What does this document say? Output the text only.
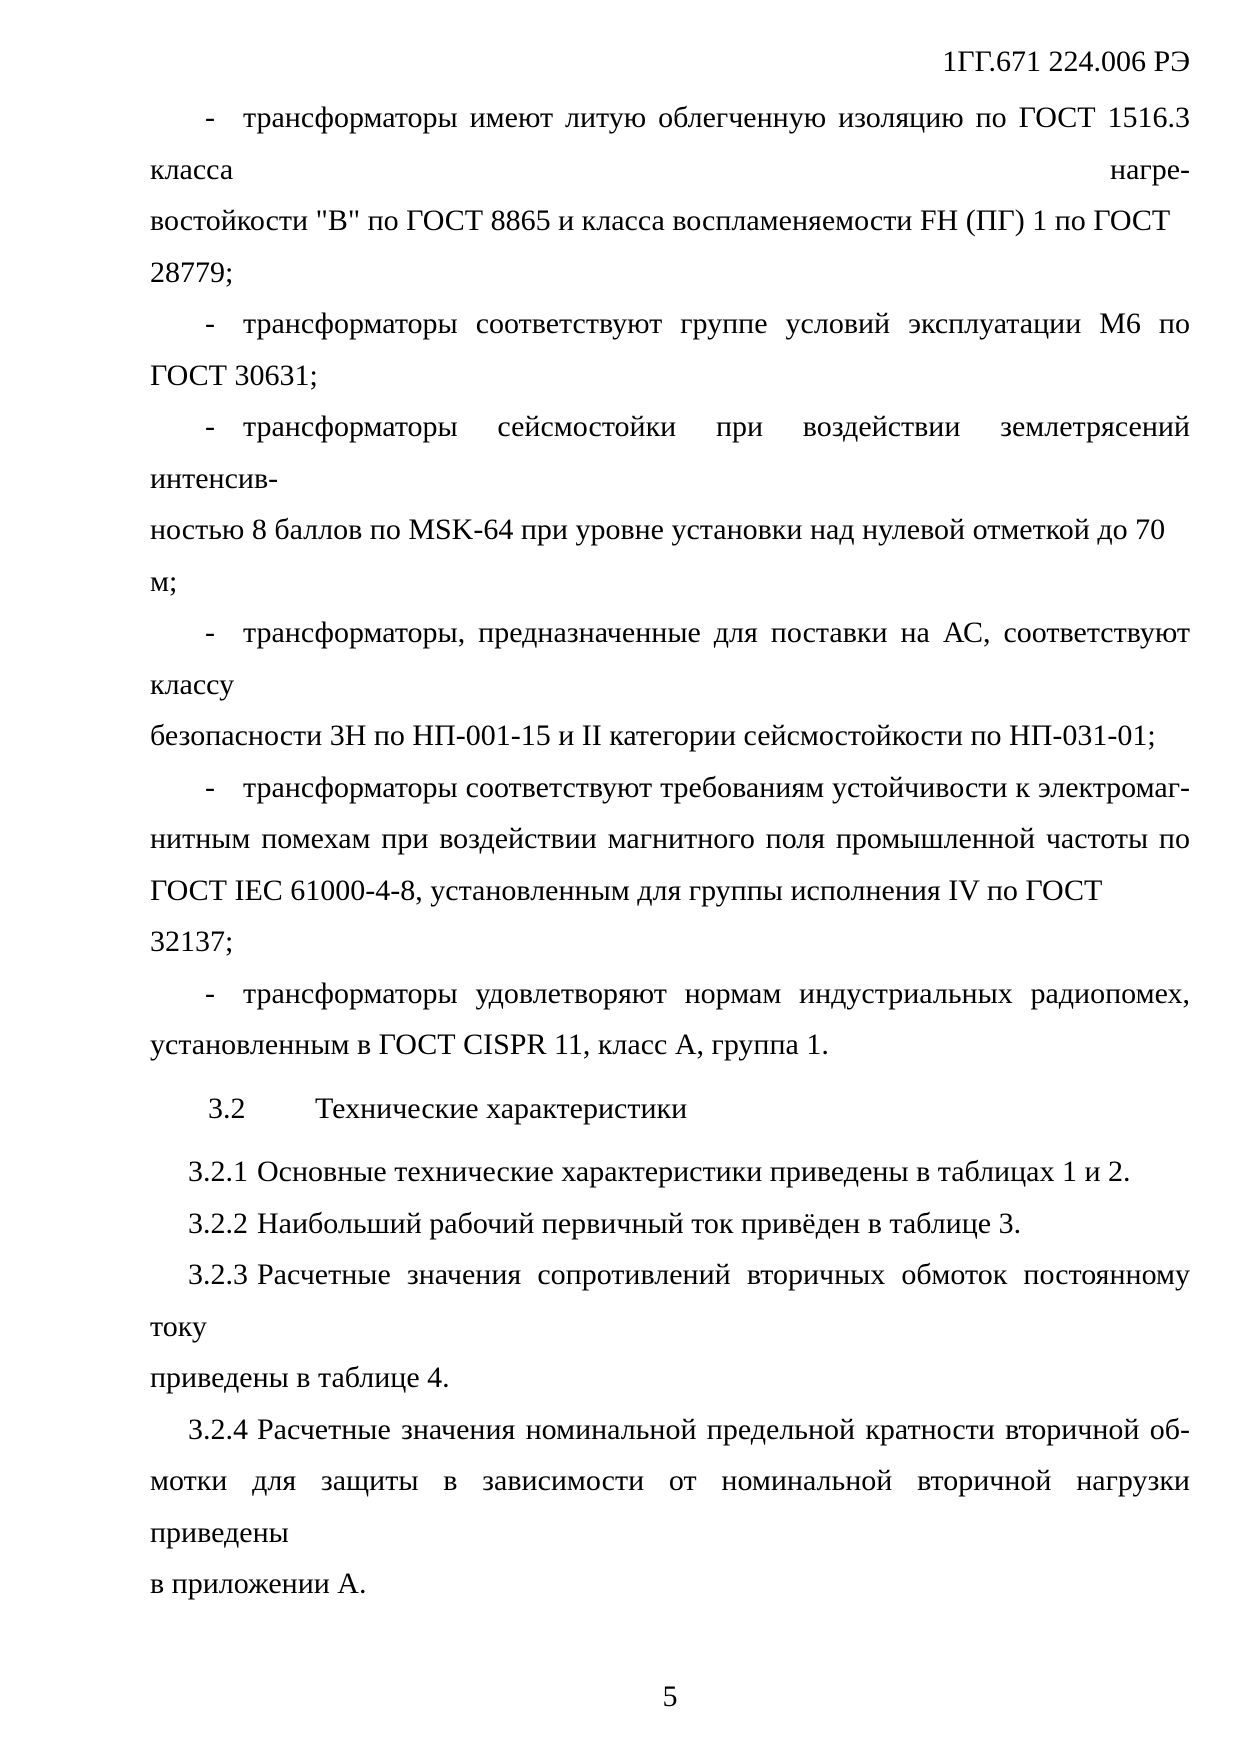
1ГГ.671 224.006 РЭ
- трансформаторы имеют литую облегченную изоляцию по ГОСТ 1516.3 класса нагре-
востойкости "В" по ГОСТ 8865 и класса воспламеняемости FH (ПГ) 1 по ГОСТ 28779;
- трансформаторы соответствуют группе условий эксплуатации М6 по
ГОСТ 30631;
- трансформаторы сейсмостойки при воздействии землетрясений интенсив-
ностью 8 баллов по MSK-64 при уровне установки над нулевой отметкой до 70 м;
- трансформаторы, предназначенные для поставки на АС, соответствуют классу
безопасности 3Н по НП-001-15 и II категории сейсмостойкости по НП-031-01;
- трансформаторы соответствуют требованиям устойчивости к электромаг-
нитным помехам при воздействии магнитного поля промышленной частоты по
ГОСТ IEC 61000-4-8, установленным для группы исполнения IV по ГОСТ 32137;
- трансформаторы удовлетворяют нормам индустриальных радиопомех,
установленным в ГОСТ CISPR 11, класс А, группа 1.
3.2 Технические характеристики
3.2.1 Основные технические характеристики приведены в таблицах 1 и 2.
3.2.2 Наибольший рабочий первичный ток привёден в таблице 3.
3.2.3 Расчетные значения сопротивлений вторичных обмоток постоянному току
приведены в таблице 4.
3.2.4 Расчетные значения номинальной предельной кратности вторичной об-
мотки для защиты в зависимости от номинальной вторичной нагрузки приведены
в приложении А.
5
